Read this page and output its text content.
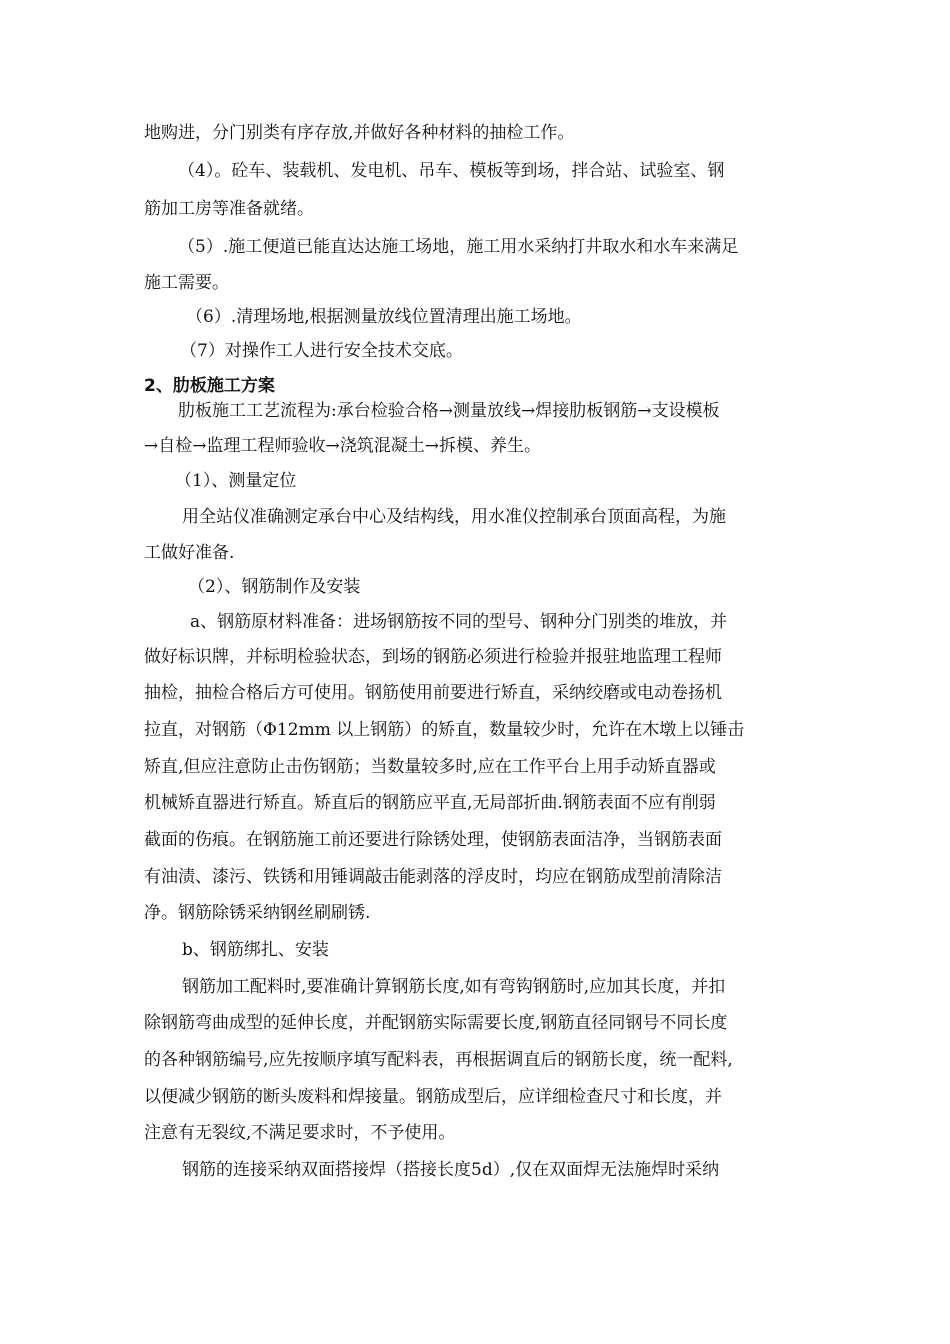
地购进，分门别类有序存放,并做好各种材料的抽检工作。
（4）。砼车、装载机、发电机、吊车、模板等到场，拌合站、试验室、钢
筋加工房等准备就绪。
（5）.施工便道已能直达达施工场地，施工用水采纳打井取水和水车来满足
施工需要。
（6）.清理场地,根据测量放线位置清理出施工场地。
（7）对操作工人进行安全技术交底。
2、肋板施工方案
肋板施工工艺流程为:承台检验合格→测量放线→焊接肋板钢筋→支设模板
→自检→监理工程师验收→浇筑混凝土→拆模、养生。
（1）、测量定位
用全站仪准确测定承台中心及结构线，用水准仪控制承台顶面高程，为施
工做好准备.
（2）、钢筋制作及安装
a、钢筋原材料准备：进场钢筋按不同的型号、钢种分门别类的堆放，并
做好标识牌，并标明检验状态，到场的钢筋必须进行检验并报驻地监理工程师
抽检，抽检合格后方可使用。钢筋使用前要进行矫直，采纳绞磨或电动卷扬机
拉直，对钢筋（Φ12mm 以上钢筋）的矫直，数量较少时，允许在木墩上以锤击
矫直,但应注意防止击伤钢筋；当数量较多时,应在工作平台上用手动矫直器或
机械矫直器进行矫直。矫直后的钢筋应平直,无局部折曲.钢筋表面不应有削弱
截面的伤痕。在钢筋施工前还要进行除锈处理，使钢筋表面洁净，当钢筋表面
有油渍、漆污、铁锈和用锤调敲击能剥落的浮皮时，均应在钢筋成型前清除洁
净。钢筋除锈采纳钢丝刷刷锈.
b、钢筋绑扎、安装
钢筋加工配料时,要准确计算钢筋长度,如有弯钩钢筋时,应加其长度，并扣
除钢筋弯曲成型的延伸长度，并配钢筋实际需要长度,钢筋直径同钢号不同长度
的各种钢筋编号,应先按顺序填写配料表，再根据调直后的钢筋长度，统一配料,
以便减少钢筋的断头废料和焊接量。钢筋成型后，应详细检查尺寸和长度，并
注意有无裂纹,不满足要求时，不予使用。
钢筋的连接采纳双面搭接焊（搭接长度5d）,仅在双面焊无法施焊时采纳
